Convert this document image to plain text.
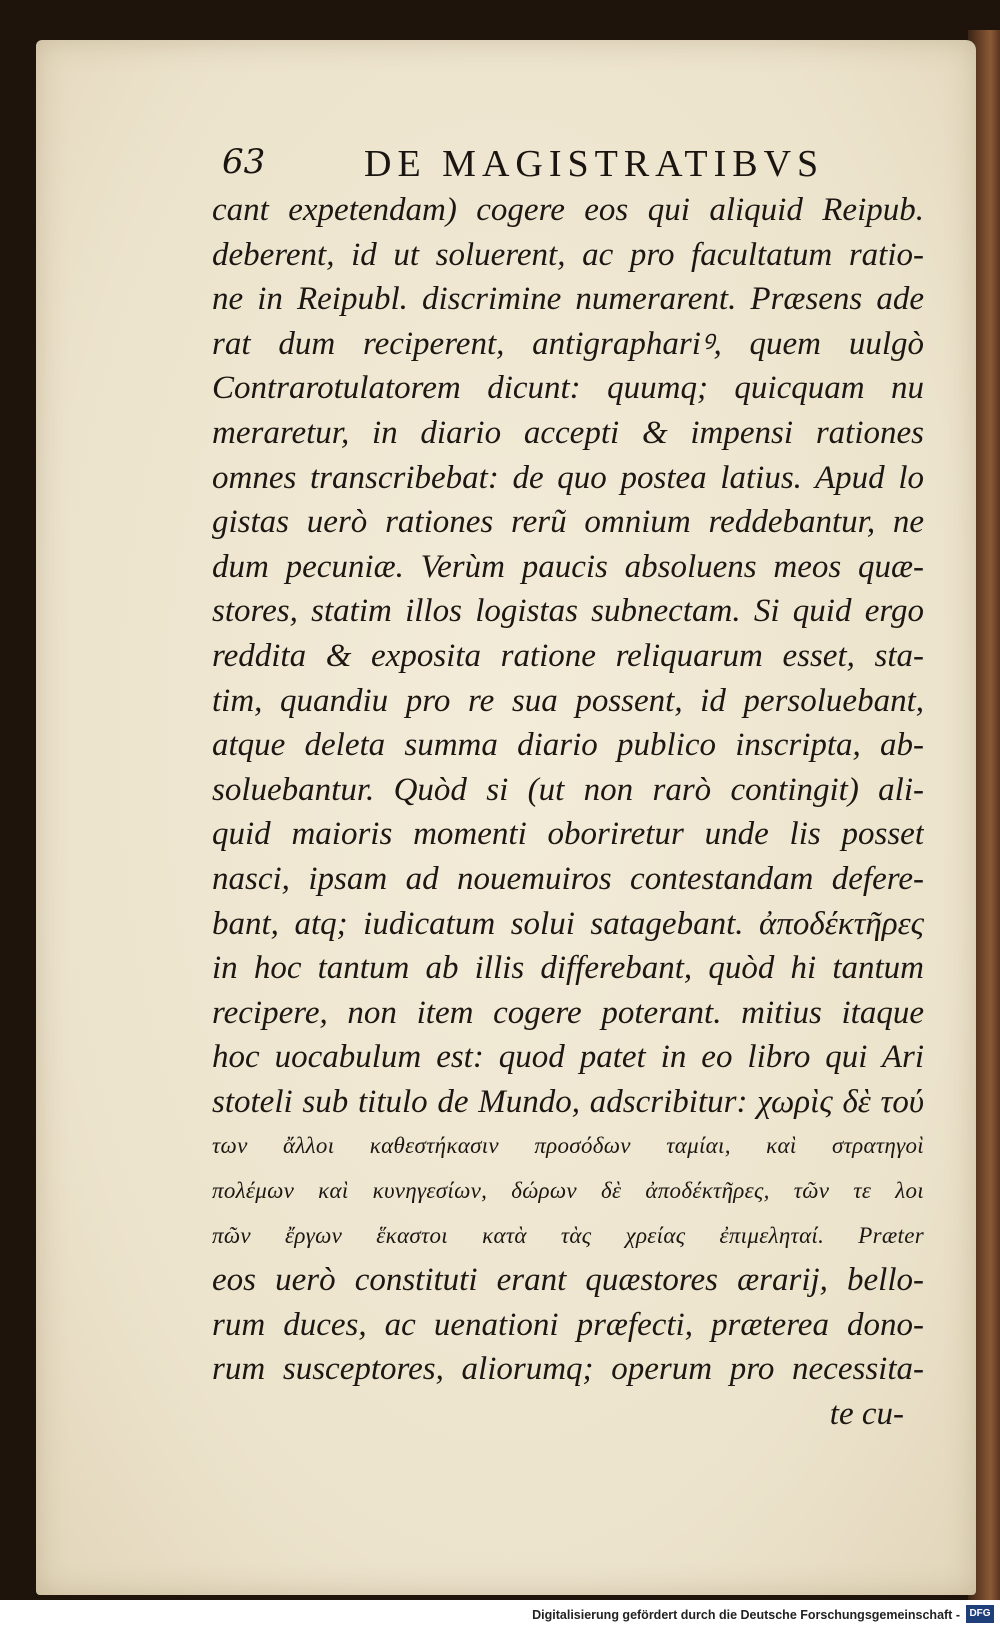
63	DE MAGISTRATIBVS
cant expetendam) cogere eos qui aliquid Reipub.
deberent, id ut soluerent, ac pro facultatum ratio-
ne in Reipubl. discrimine numerarent. Præsens ade
rat dum reciperent, antigraphariꝰ, quem uulgò
Contrarotulatorem dicunt: quumq; quicquam nu
meraretur, in diario accepti & impensi rationes
omnes transcribebat: de quo postea latius. Apud lo
gistas uerò rationes rerũ omnium reddebantur, ne
dum pecuniæ. Verùm paucis absoluens meos quæ-
stores, statim illos logistas subnectam. Si quid ergo
reddita & exposita ratione reliquarum esset, sta-
tim, quandiu pro re sua possent, id persoluebant,
atque deleta summa diario publico inscripta, ab-
soluebantur. Quòd si (ut non rarò contingit) ali-
quid maioris momenti oboriretur unde lis posset
nasci, ipsam ad nouemuiros contestandam defere-
bant, atq; iudicatum solui satagebant. ἀποδέκτῆρες
in hoc tantum ab illis differebant, quòd hi tantum
recipere, non item cogere poterant. mitius itaque
hoc uocabulum est: quod patet in eo libro qui Ari
stoteli sub titulo de Mundo, adscribitur: χωρὶς δὲ τού
των ἄλλοι καθεστήκασιν προσόδων ταμίαι, καὶ στρατηγοὶ
πολέμων καὶ κυνηγεσίων, δώρων δὲ ἀποδέκτῆρες, τῶν τε λοι
πῶν ἔργων ἕκαστοι κατὰ τὰς χρείας ἐπιμεληταί. Præter
eos uerò constituti erant quæstores ærarij, bello-
rum duces, ac uenationi præfecti, præterea dono-
rum susceptores, aliorumq; operum pro necessita-
te cu-
Digitalisierung gefördert durch die Deutsche Forschungsgemeinschaft - DFG
